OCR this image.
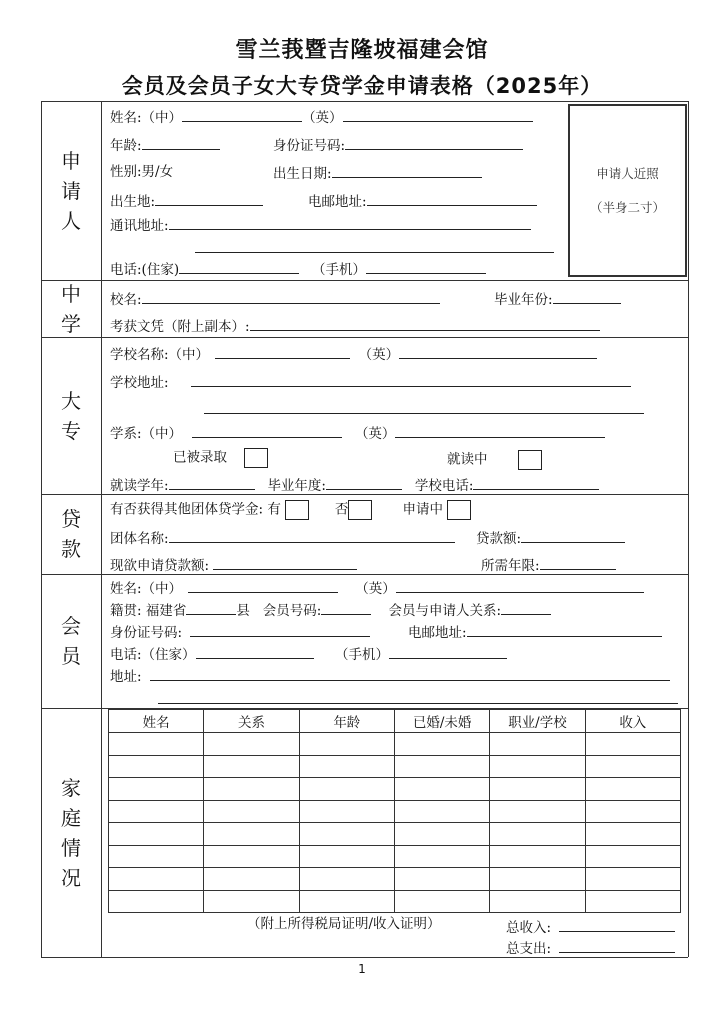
雪兰莪暨吉隆坡福建会馆
会员及会员子女大专贷学金申请表格（2025年）
申
请
人
中
学
大
专
贷
款
会
员
家
庭
情
况
姓名:（中）	（英）
年龄:	身份证号码:
性别:男/女	出生日期:
出生地:	电邮地址:
通讯地址:
电话:(住家)	（手机）
申请人近照
（半身二寸）
校名:	毕业年份:
考获文凭（附上副本）:
学校名称:（中）	（英）
学校地址:
学系:（中）	（英）
已被录取	就读中
就读学年:	毕业年度:	学校电话:
有否获得其他团体贷学金: 有	否	申请中
团体名称:	贷款额:
现欲申请贷款额:	所需年限:
姓名:（中）	（英）
籍贯: 福建省	县 会员号码:	会员与申请人关系:
身份证号码:	电邮地址:
电话:（住家）	（手机）
地址:
姓名	关系	年龄	已婚/未婚	职业/学校	收入

（附上所得税局证明/收入证明）	总收入:
总支出:
1
